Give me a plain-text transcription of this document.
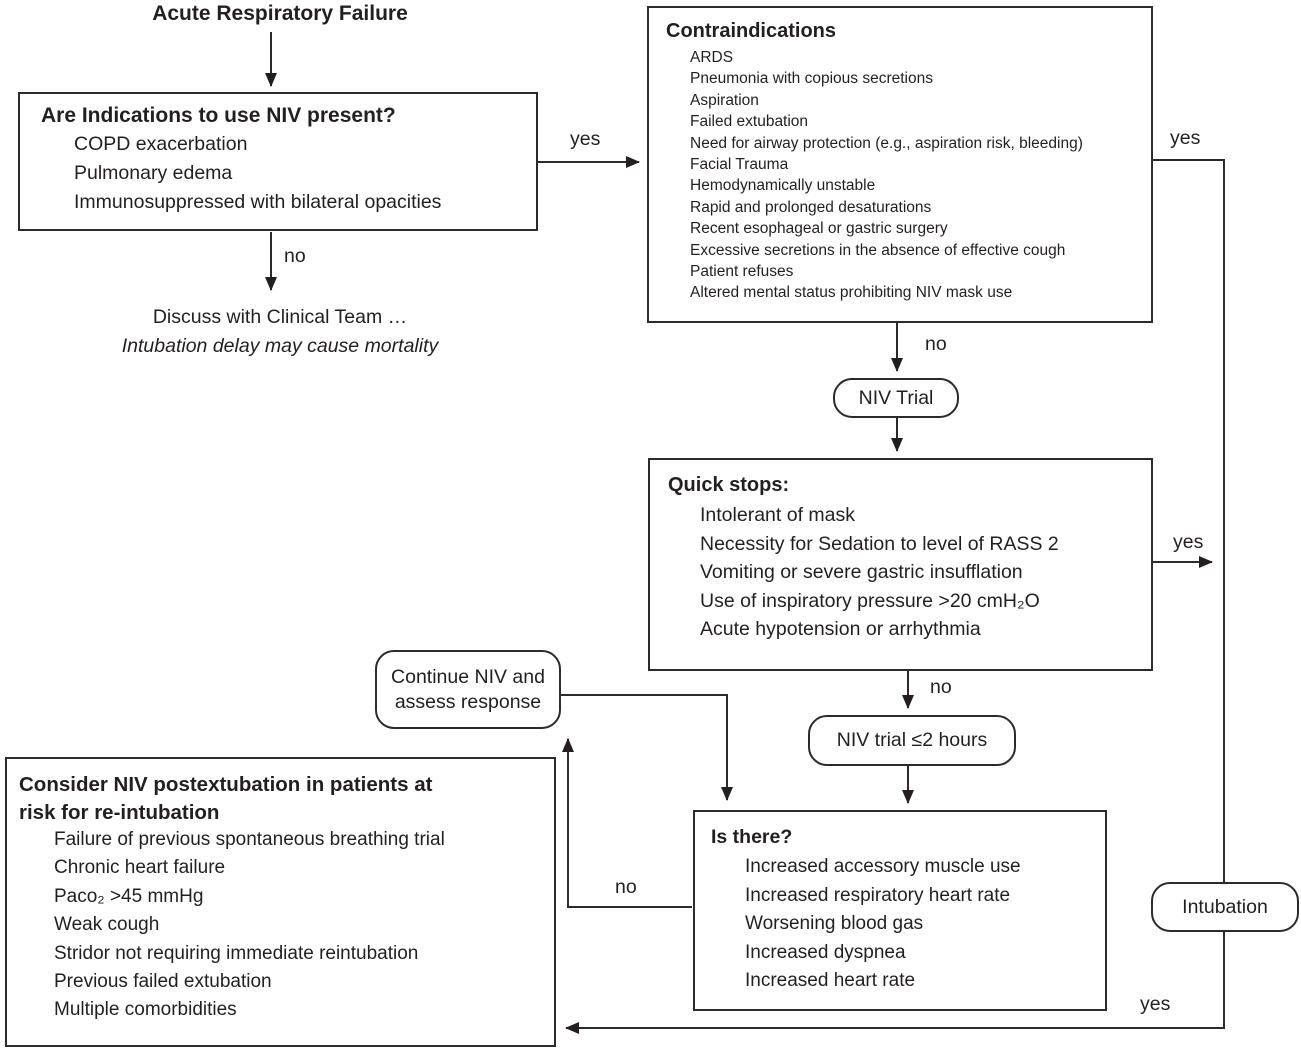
Acute Respiratory Failure
Discuss with Clinical Team …
Intubation delay may cause mortality
Are Indications to use NIV present?
COPD exacerbation
Pulmonary edema
Immunosuppressed with bilateral opacities
Contraindications
ARDS
Pneumonia with copious secretions
Aspiration
Failed extubation
Need for airway protection (e.g., aspiration risk, bleeding)
Facial Trauma
Hemodynamically unstable
Rapid and prolonged desaturations
Recent esophageal or gastric surgery
Excessive secretions in the absence of effective cough
Patient refuses
Altered mental status prohibiting NIV mask use
NIV Trial
Quick stops:
Intolerant of mask
Necessity for Sedation to level of RASS 2
Vomiting or severe gastric insufflation
Use of inspiratory pressure >20 cmH₂O
Acute hypotension or arrhythmia
NIV trial ≤2 hours
Continue NIV and
assess response
Is there?
Increased accessory muscle use
Increased respiratory heart rate
Worsening blood gas
Increased dyspnea
Increased heart rate
Consider NIV postextubation in patients at
risk for re-intubation
Failure of previous spontaneous breathing trial
Chronic heart failure
Paco₂ >45 mmHg
Weak cough
Stridor not requiring immediate reintubation
Previous failed extubation
Multiple comorbidities
Intubation
yes
no
yes
no
yes
no
no
yes
